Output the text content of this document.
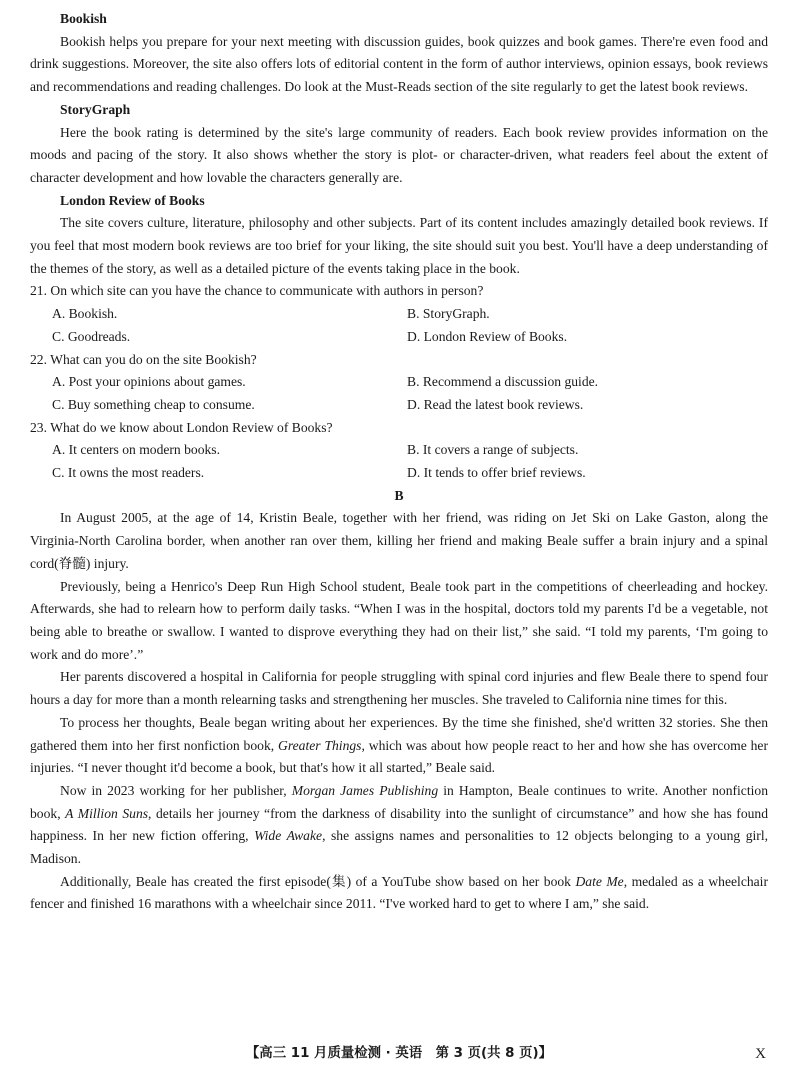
Bookish

Bookish helps you prepare for your next meeting with discussion guides, book quizzes and book games. There're even food and drink suggestions. Moreover, the site also offers lots of editorial content in the form of author interviews, opinion essays, book reviews and recommendations and reading challenges. Do look at the Must-Reads section of the site regularly to get the latest book reviews.

StoryGraph

Here the book rating is determined by the site's large community of readers. Each book review provides information on the moods and pacing of the story. It also shows whether the story is plot- or character-driven, what readers feel about the extent of character development and how lovable the characters generally are.

London Review of Books

The site covers culture, literature, philosophy and other subjects. Part of its content includes amazingly detailed book reviews. If you feel that most modern book reviews are too brief for your liking, the site should suit you best. You'll have a deep understanding of the themes of the story, as well as a detailed picture of the events taking place in the book.

21. On which site can you have the chance to communicate with authors in person?
A. Bookish.	B. StoryGraph.
C. Goodreads.	D. London Review of Books.
22. What can you do on the site Bookish?
A. Post your opinions about games.	B. Recommend a discussion guide.
C. Buy something cheap to consume.	D. Read the latest book reviews.
23. What do we know about London Review of Books?
A. It centers on modern books.	B. It covers a range of subjects.
C. It owns the most readers.	D. It tends to offer brief reviews.
B

In August 2005, at the age of 14, Kristin Beale, together with her friend, was riding on Jet Ski on Lake Gaston, along the Virginia-North Carolina border, when another ran over them, killing her friend and making Beale suffer a brain injury and a spinal cord(脊髓) injury.

Previously, being a Henrico's Deep Run High School student, Beale took part in the competitions of cheerleading and hockey. Afterwards, she had to relearn how to perform daily tasks. “When I was in the hospital, doctors told my parents I'd be a vegetable, not being able to breathe or swallow. I wanted to disprove everything they had on their list,” she said. “I told my parents, ‘I'm going to work and do more’.”

Her parents discovered a hospital in California for people struggling with spinal cord injuries and flew Beale there to spend four hours a day for more than a month relearning tasks and strengthening her muscles. She traveled to California nine times for this.

To process her thoughts, Beale began writing about her experiences. By the time she finished, she'd written 32 stories. She then gathered them into her first nonfiction book, Greater Things, which was about how people react to her and how she has overcome her injuries. “I never thought it'd become a book, but that's how it all started,” Beale said.

Now in 2023 working for her publisher, Morgan James Publishing in Hampton, Beale continues to write. Another nonfiction book, A Million Suns, details her journey “from the darkness of disability into the sunlight of circumstance” and how she has found happiness. In her new fiction offering, Wide Awake, she assigns names and personalities to 12 objects belonging to a young girl, Madison.

Additionally, Beale has created the first episode(集) of a YouTube show based on her book Date Me, medaled as a wheelchair fencer and finished 16 marathons with a wheelchair since 2011. “I've worked hard to get to where I am,” she said.

【高三 11 月质量检测 · 英语　第 3 页(共 8 页)】	X
